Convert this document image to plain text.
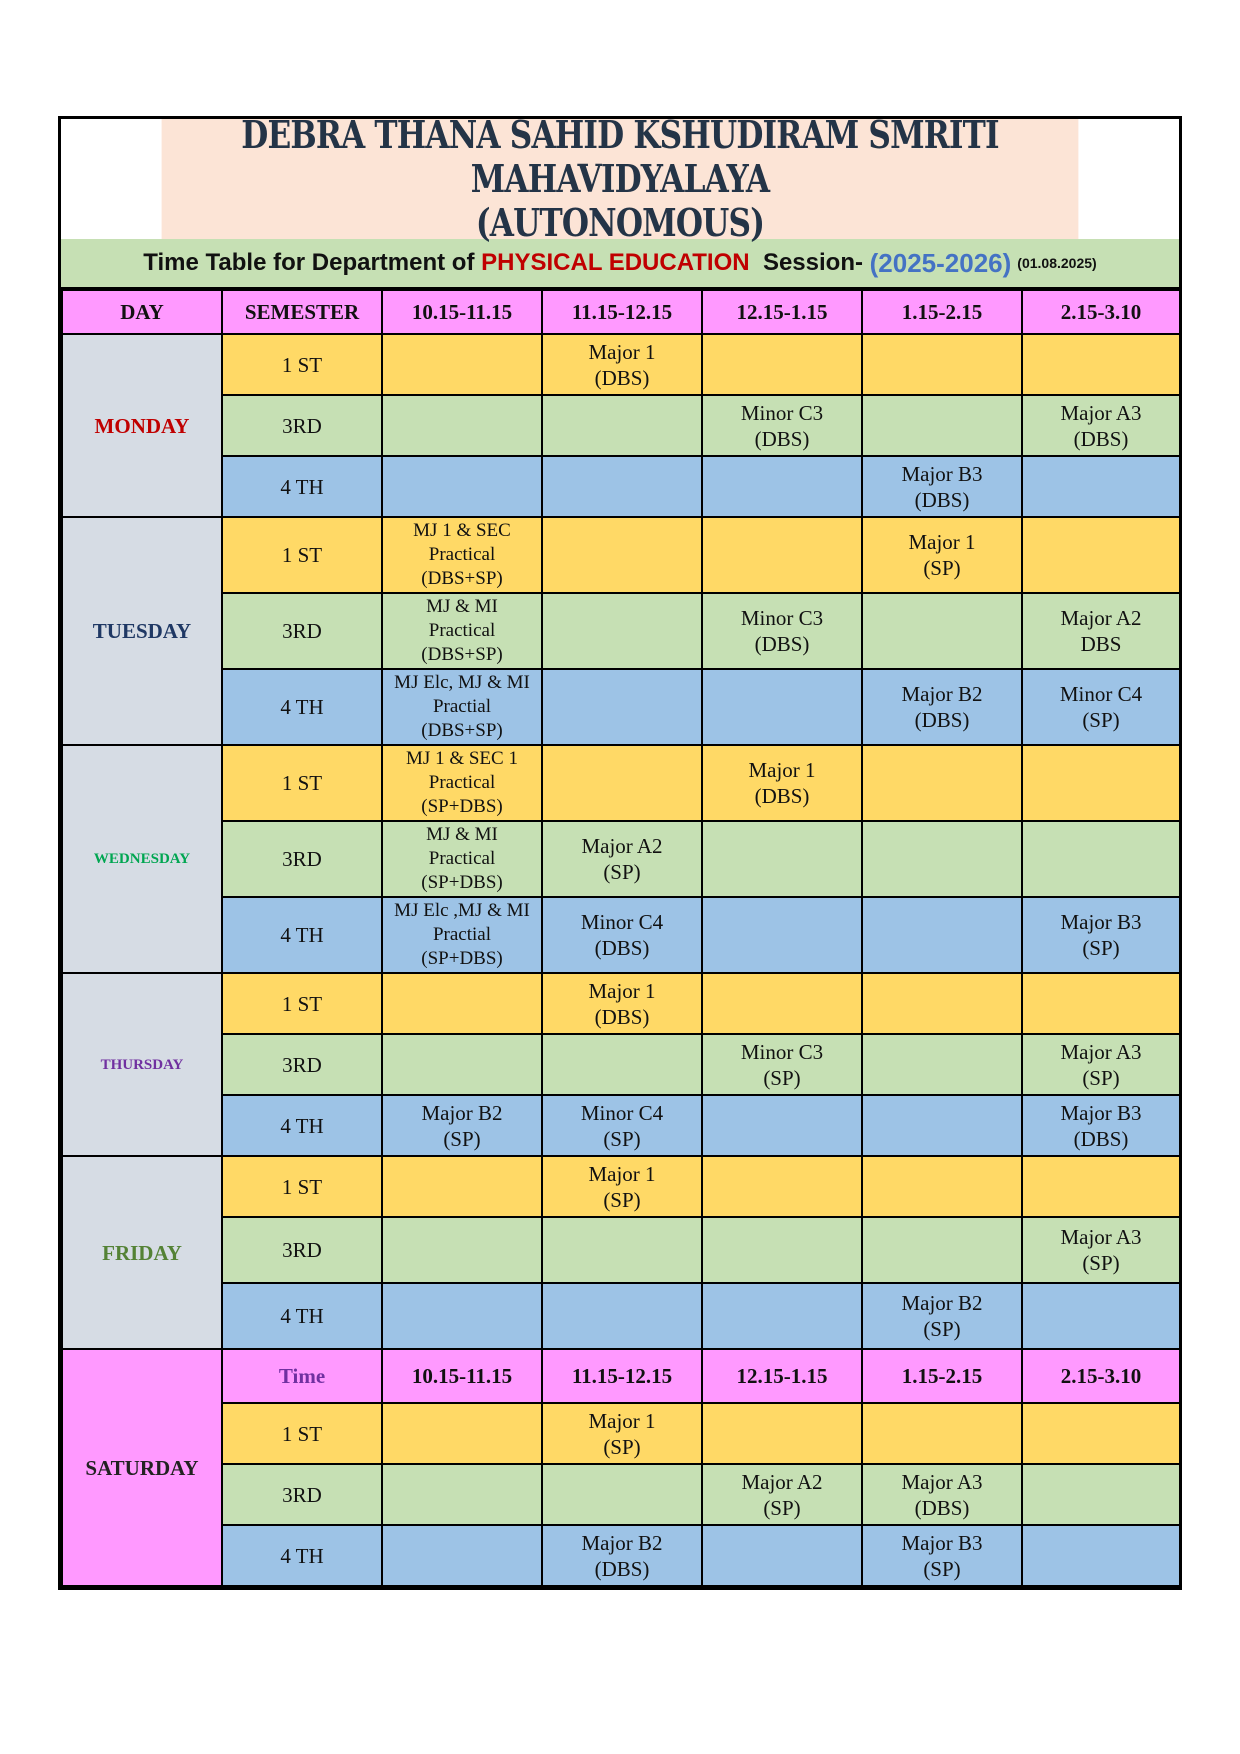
DEBRA THANA SAHID KSHUDIRAM SMRITI MAHAVIDYALAYA
(AUTONOMOUS)
Time Table for Department of
PHYSICAL EDUCATION
Session-
(2025-2026) (01.08.2025)
DAY	SEMESTER	10.15-11.15	11.15-12.15	12.15-1.15	1.15-2.15	2.15-3.10
MONDAY	1 ST		Major 1
(DBS)			
	3RD			Minor C3
(DBS)		Major A3
(DBS)
	4 TH				Major B3
(DBS)	
TUESDAY	1 ST	MJ 1 & SEC
Practical
(DBS+SP)			Major 1
(SP)	
	3RD	MJ & MI
Practical
(DBS+SP)		Minor C3
(DBS)		Major A2
DBS
	4 TH	MJ Elc, MJ & MI
Practial
(DBS+SP)			Major B2
(DBS)	Minor C4
(SP)
WEDNESDAY	1 ST	MJ 1 & SEC 1
Practical
(SP+DBS)		Major 1
(DBS)		
	3RD	MJ & MI
Practical
(SP+DBS)	Major A2
(SP)			
	4 TH	MJ Elc ,MJ & MI
Practial
(SP+DBS)	Minor C4
(DBS)			Major B3
(SP)
THURSDAY	1 ST		Major 1
(DBS)			
	3RD			Minor C3
(SP)		Major A3
(SP)
	4 TH	Major B2
(SP)	Minor C4
(SP)			Major B3
(DBS)
FRIDAY	1 ST		Major 1
(SP)			
	3RD					Major A3
(SP)
	4 TH				Major B2
(SP)	
SATURDAY	Time	10.15-11.15	11.15-12.15	12.15-1.15	1.15-2.15	2.15-3.10
	1 ST		Major 1
(SP)			
	3RD			Major A2
(SP)	Major A3
(DBS)	
	4 TH		Major B2
(DBS)		Major B3
(SP)	
